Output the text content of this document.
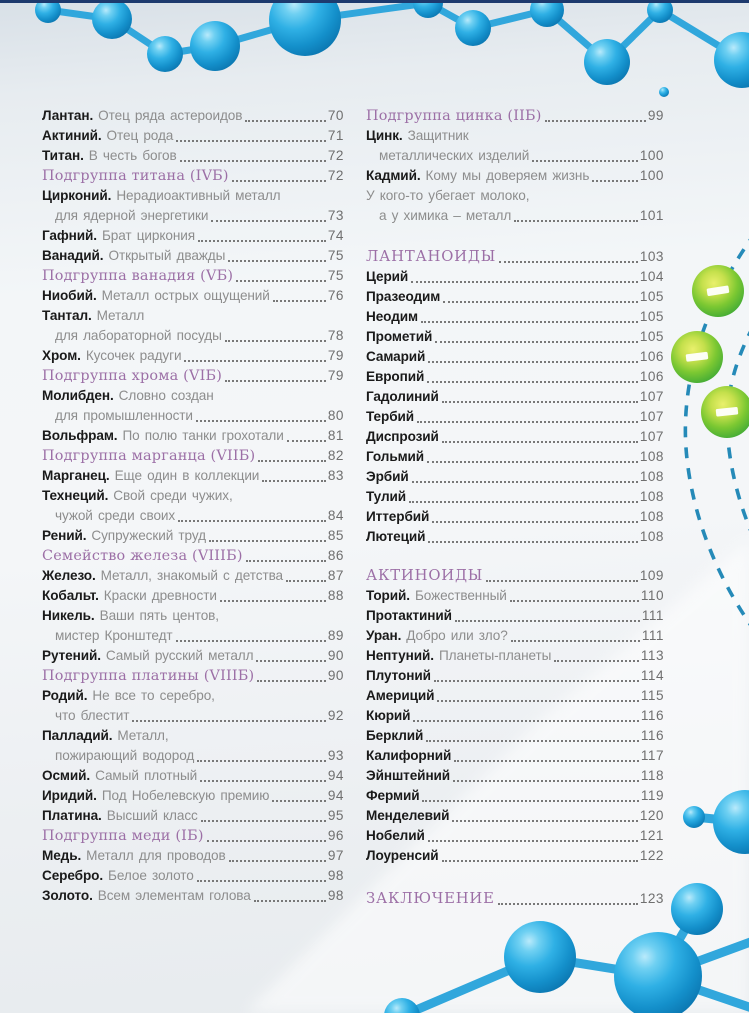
Лантан. Отец ряда астероидов	70
Актиний. Отец рода	71
Титан. В честь богов	72
Подгруппа титана (IVБ)	72
Цирконий. Нерадиоактивный металл
для ядерной энергетики	73
Гафний. Брат циркония	74
Ванадий. Открытый дважды	75
Подгруппа ванадия (VБ)	75
Ниобий. Металл острых ощущений	76
Тантал. Металл
для лабораторной посуды	78
Хром. Кусочек радуги	79
Подгруппа хрома (VIБ)	79
Молибден. Словно создан
для промышленности	80
Вольфрам. По полю танки грохотали	81
Подгруппа марганца (VIIБ)	82
Марганец. Еще один в коллекции	83
Технеций. Свой среди чужих,
чужой среди своих	84
Рений. Супружеский труд	85
Семейство железа (VIIIБ)	86
Железо. Металл, знакомый с детства	87
Кобальт. Краски древности	88
Никель. Ваши пять центов,
мистер Кронштедт	89
Рутений. Самый русский металл	90
Подгруппа платины (VIIIБ)	90
Родий. Не все то серебро,
что блестит	92
Палладий. Металл,
пожирающий водород	93
Осмий. Самый плотный	94
Иридий. Под Нобелевскую премию	94
Платина. Высший класс	95
Подгруппа меди (IБ)	96
Медь. Металл для проводов	97
Серебро. Белое золото	98
Золото. Всем элементам голова	98
Подгруппа цинка (IIБ)	99
Цинк. Защитник
металлических изделий	100
Кадмий. Кому мы доверяем жизнь	100
У кого-то убегает молоко,
а у химика – металл	101
ЛАНТАНОИДЫ	103
Церий	104
Празеодим	105
Неодим	105
Прометий	105
Самарий	106
Европий	106
Гадолиний	107
Тербий	107
Диспрозий	107
Гольмий	108
Эрбий	108
Тулий	108
Иттербий	108
Лютеций	108
АКТИНОИДЫ	109
Торий. Божественный	110
Протактиний	111
Уран. Добро или зло?	111
Нептуний. Планеты-планеты	113
Плутоний	114
Америций	115
Кюрий	116
Берклий	116
Калифорний	117
Эйнштейний	118
Фермий	119
Менделевий	120
Нобелий	121
Лоуренсий	122
ЗАКЛЮЧЕНИЕ	123
